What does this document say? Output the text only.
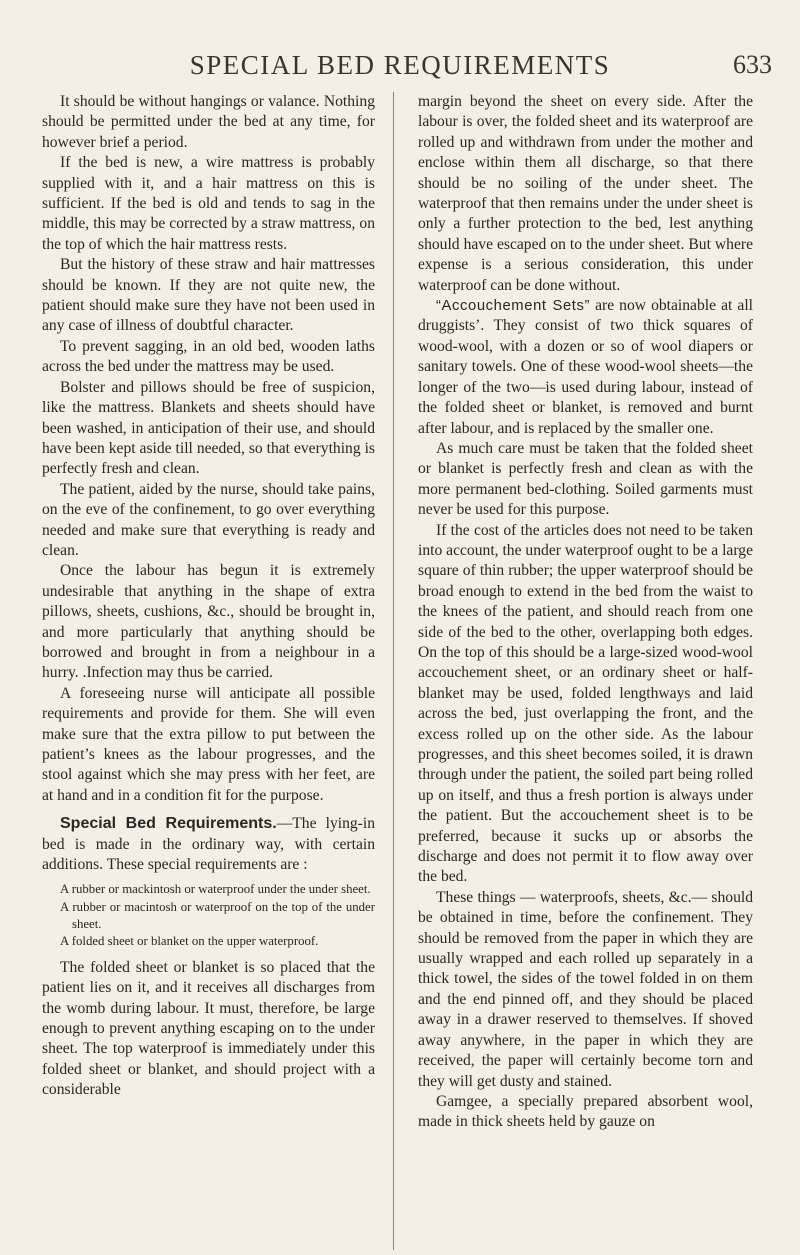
SPECIAL BED REQUIREMENTS	633

It should be without hangings or valance. Nothing should be permitted under the bed at any time, for however brief a period.

If the bed is new, a wire mattress is probably supplied with it, and a hair mattress on this is sufficient. If the bed is old and tends to sag in the middle, this may be corrected by a straw mattress, on the top of which the hair mattress rests.

But the history of these straw and hair mattresses should be known. If they are not quite new, the patient should make sure they have not been used in any case of illness of doubtful character.

To prevent sagging, in an old bed, wooden laths across the bed under the mattress may be used.

Bolster and pillows should be free of suspicion, like the mattress. Blankets and sheets should have been washed, in anticipation of their use, and should have been kept aside till needed, so that everything is perfectly fresh and clean.

The patient, aided by the nurse, should take pains, on the eve of the confinement, to go over everything needed and make sure that everything is ready and clean.

Once the labour has begun it is extremely undesirable that anything in the shape of extra pillows, sheets, cushions, &c., should be brought in, and more particularly that anything should be borrowed and brought in from a neighbour in a hurry. .Infection may thus be carried.

A foreseeing nurse will anticipate all possible requirements and provide for them. She will even make sure that the extra pillow to put between the patient’s knees as the labour progresses, and the stool against which she may press with her feet, are at hand and in a condition fit for the purpose.

Special Bed Requirements.—The lying-in bed is made in the ordinary way, with certain additions. These special requirements are :

A rubber or mackintosh or waterproof under the under sheet.
A rubber or macintosh or waterproof on the top of the under sheet.
A folded sheet or blanket on the upper waterproof.

The folded sheet or blanket is so placed that the patient lies on it, and it receives all discharges from the womb during labour. It must, therefore, be large enough to prevent anything escaping on to the under sheet. The top waterproof is immediately under this folded sheet or blanket, and should project with a considerable

margin beyond the sheet on every side. After the labour is over, the folded sheet and its waterproof are rolled up and withdrawn from under the mother and enclose within them all discharge, so that there should be no soiling of the under sheet. The waterproof that then remains under the under sheet is only a further protection to the bed, lest anything should have escaped on to the under sheet. But where expense is a serious consideration, this under waterproof can be done without.

“Accouchement Sets” are now obtainable at all druggists’. They consist of two thick squares of wood-wool, with a dozen or so of wool diapers or sanitary towels. One of these wood-wool sheets—the longer of the two—is used during labour, instead of the folded sheet or blanket, is removed and burnt after labour, and is replaced by the smaller one.

As much care must be taken that the folded sheet or blanket is perfectly fresh and clean as with the more permanent bed-clothing. Soiled garments must never be used for this purpose.

If the cost of the articles does not need to be taken into account, the under waterproof ought to be a large square of thin rubber; the upper waterproof should be broad enough to extend in the bed from the waist to the knees of the patient, and should reach from one side of the bed to the other, overlapping both edges. On the top of this should be a large-sized wood-wool accouchement sheet, or an ordinary sheet or half-blanket may be used, folded lengthways and laid across the bed, just overlapping the front, and the excess rolled up on the other side. As the labour progresses, and this sheet becomes soiled, it is drawn through under the patient, the soiled part being rolled up on itself, and thus a fresh portion is always under the patient. But the accouchement sheet is to be preferred, because it sucks up or absorbs the discharge and does not permit it to flow away over the bed.

These things — waterproofs, sheets, &c.— should be obtained in time, before the confinement. They should be removed from the paper in which they are usually wrapped and each rolled up separately in a thick towel, the sides of the towel folded in on them and the end pinned off, and they should be placed away in a drawer reserved to themselves. If shoved away anywhere, in the paper in which they are received, the paper will certainly become torn and they will get dusty and stained.

Gamgee, a specially prepared absorbent wool, made in thick sheets held by gauze on
